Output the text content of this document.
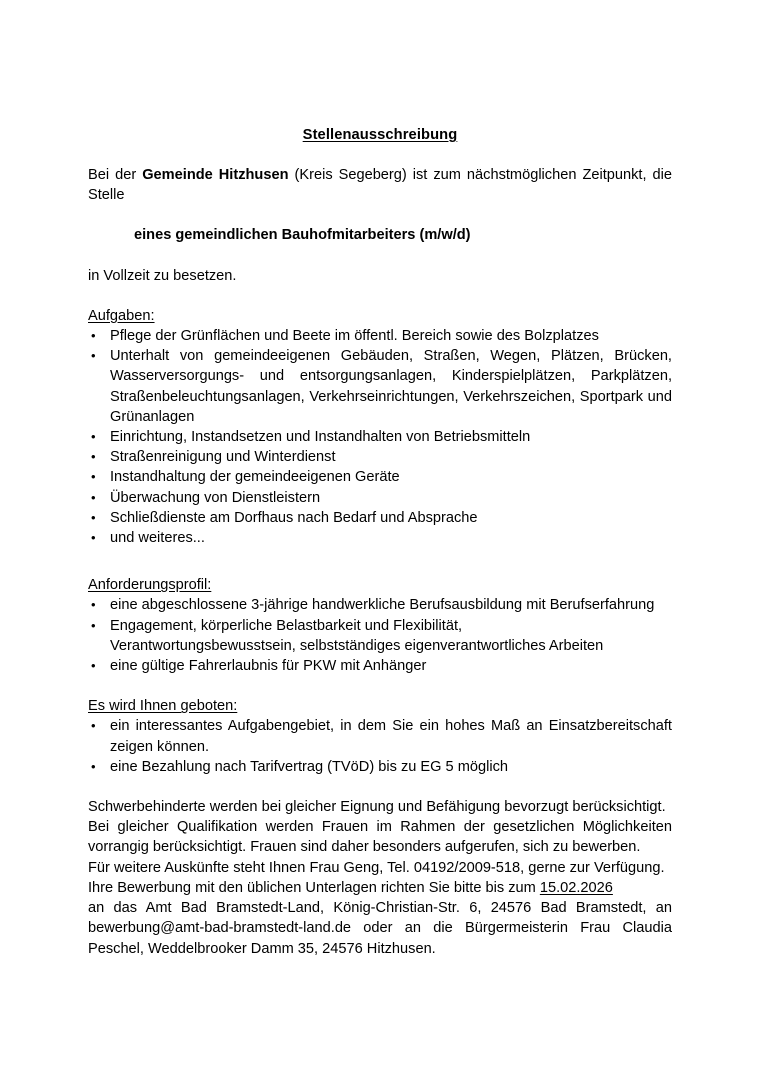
Stellenausschreibung

Bei der Gemeinde Hitzhusen (Kreis Segeberg) ist zum nächstmöglichen Zeitpunkt, die Stelle

eines gemeindlichen Bauhofmitarbeiters (m/w/d)

in Vollzeit zu besetzen.

Aufgaben:

• Pflege der Grünflächen und Beete im öffentl. Bereich sowie des Bolzplatzes
• Unterhalt von gemeindeeigenen Gebäuden, Straßen, Wegen, Plätzen, Brücken, Wasserversorgungs- und entsorgungsanlagen, Kinderspielplätzen, Parkplätzen, Straßenbeleuchtungsanlagen, Verkehrseinrichtungen, Verkehrszeichen, Sportpark und Grünanlagen
• Einrichtung, Instandsetzen und Instandhalten von Betriebsmitteln
• Straßenreinigung und Winterdienst
• Instandhaltung der gemeindeeigenen Geräte
• Überwachung von Dienstleistern
• Schließdienste am Dorfhaus nach Bedarf und Absprache
• und weiteres...

Anforderungsprofil:

• eine abgeschlossene 3-jährige handwerkliche Berufsausbildung mit Berufserfahrung
• Engagement, körperliche Belastbarkeit und Flexibilität,
Verantwortungsbewusstsein, selbstständiges eigenverantwortliches Arbeiten
• eine gültige Fahrerlaubnis für PKW mit Anhänger

Es wird Ihnen geboten:

• ein interessantes Aufgabengebiet, in dem Sie ein hohes Maß an Einsatzbereitschaft zeigen können.
• eine Bezahlung nach Tarifvertrag (TVöD) bis zu EG 5 möglich

Schwerbehinderte werden bei gleicher Eignung und Befähigung bevorzugt berücksichtigt.

Bei gleicher Qualifikation werden Frauen im Rahmen der gesetzlichen Möglichkeiten vorrangig berücksichtigt. Frauen sind daher besonders aufgerufen, sich zu bewerben.

Für weitere Auskünfte steht Ihnen Frau Geng, Tel. 04192/2009-518, gerne zur Verfügung.

Ihre Bewerbung mit den üblichen Unterlagen richten Sie bitte bis zum 15.02.2026

an das Amt Bad Bramstedt-Land, König-Christian-Str. 6, 24576 Bad Bramstedt, an bewerbung@amt-bad-bramstedt-land.de oder an die Bürgermeisterin Frau Claudia Peschel, Weddelbrooker Damm 35, 24576 Hitzhusen.
